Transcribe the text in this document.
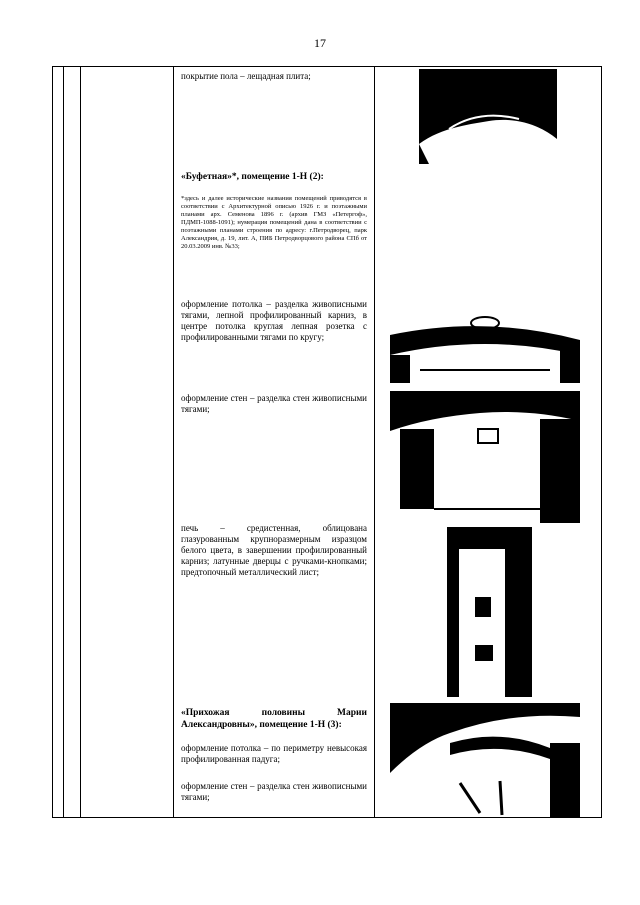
17
покрытие пола – лещадная плита;
«Буфетная»*, помещение 1-Н (2):
*здесь и далее исторические названия помещений приводятся в соответствии с Архитектурной описью 1926 г. и поэтажными планами арх. Семенова 1896 г. (архив ГМЗ «Петергоф», ПДМП-1088-1091); нумерация помещений дана в соответствии с поэтажными планами строения по адресу: г.Петродворец, парк Александрия, д. 19, лит. А, ПИБ Петродворцового района СПб от 20.03.2009 инв. №33;
оформление потолка – разделка живописными тягами, лепной профилированный карниз, в центре потолка круглая лепная розетка с профилированными тягами по кругу;
оформление стен – разделка стен живописными тягами;
печь – средистенная, облицована глазурованным крупноразмерным изразцом белого цвета, в завершении профилированный карниз; латунные дверцы с ручками-кнопками; предтопочный металлический лист;
«Прихожая половины Марии Александровны», помещение 1-Н (3):
оформление потолка – по периметру невысокая профилированная падуга;
оформление стен – разделка стен живописными тягами;
